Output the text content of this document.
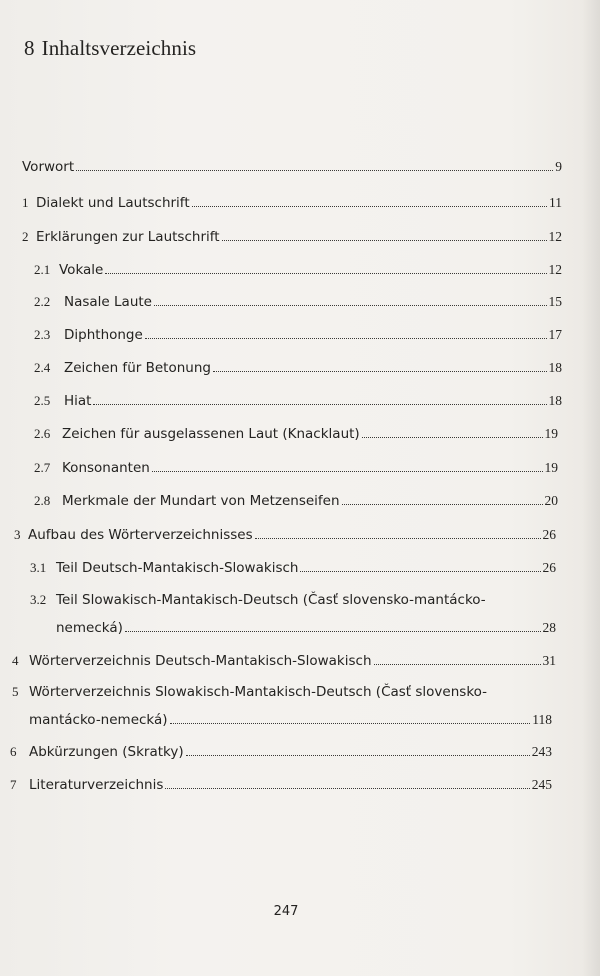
8 Inhaltsverzeichnis
Vorwort	9
1 Dialekt und Lautschrift	11
2 Erklärungen zur Lautschrift	12
2.1 Vokale	12
2.2	Nasale Laute	15
2.3	Diphthonge	17
2.4	Zeichen für Betonung	18
2.5	Hiat	18
2.6 Zeichen für ausgelassenen Laut (Knacklaut)	19
2.7 Konsonanten	19
2.8 Merkmale der Mundart von Metzenseifen	20
3 Aufbau des Wörterverzeichnisses	26
3.1 Teil Deutsch-Mantakisch-Slowakisch	26
3.2 Teil Slowakisch-Mantakisch-Deutsch (Časť slovensko-mantácko-
nemecká)	28
4 Wörterverzeichnis Deutsch-Mantakisch-Slowakisch	31
5 Wörterverzeichnis Slowakisch-Mantakisch-Deutsch (Časť slovensko-
mantácko-nemecká)	118
6 Abkürzungen (Skratky)	243
7 Literaturverzeichnis	245
247
